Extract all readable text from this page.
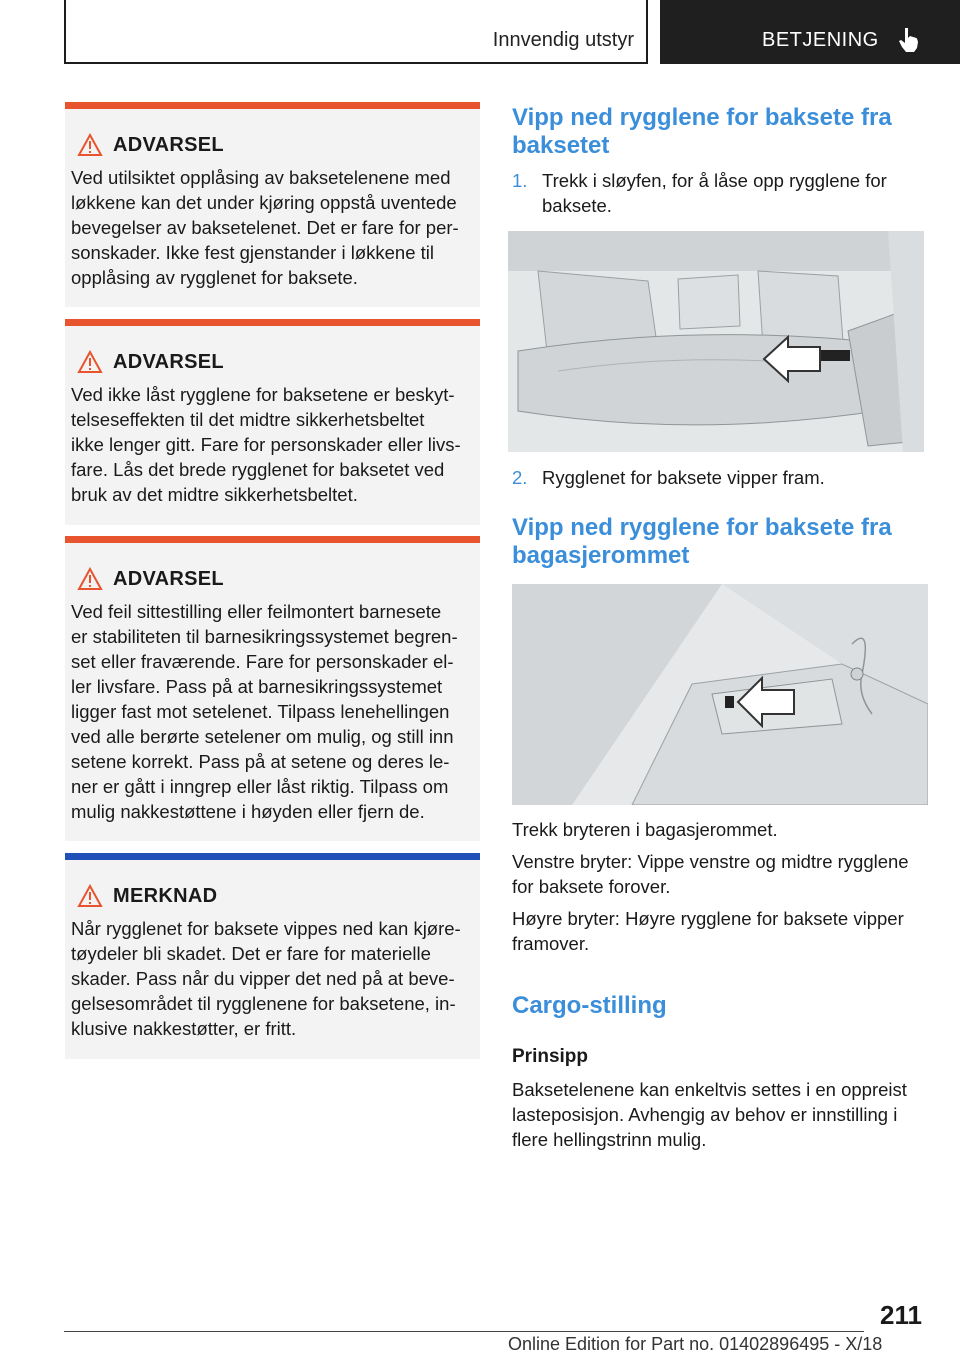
Innvendig utstyr	BETJENING
ADVARSEL
Ved utilsiktet opplåsing av baksetelenene med
løkkene kan det under kjøring oppstå uventede
bevegelser av baksetelenet. Det er fare for per-
sonskader. Ikke fest gjenstander i løkkene til
opplåsing av rygglenet for baksete.
ADVARSEL
Ved ikke låst rygglene for baksetene er beskyt-
telseseffekten til det midtre sikkerhetsbeltet
ikke lenger gitt. Fare for personskader eller livs-
fare. Lås det brede rygglenet for baksetet ved
bruk av det midtre sikkerhetsbeltet.
ADVARSEL
Ved feil sittestilling eller feilmontert barnesete
er stabiliteten til barnesikringssystemet begren-
set eller fraværende. Fare for personskader el-
ler livsfare. Pass på at barnesikringssystemet
ligger fast mot setelenet. Tilpass lenehellingen
ved alle berørte setelener om mulig, og still inn
setene korrekt. Pass på at setene og deres le-
ner er gått i inngrep eller låst riktig. Tilpass om
mulig nakkestøttene i høyden eller fjern de.
MERKNAD
Når rygglenet for baksete vippes ned kan kjøre-
tøydeler bli skadet. Det er fare for materielle
skader. Pass når du vipper det ned på at beve-
gelsesområdet til rygglenene for baksetene, in-
klusive nakkestøtter, er fritt.
Vipp ned rygglene for baksete fra
baksetet
1. Trekk i sløyfen, for å låse opp rygglene for
baksete.
2. Rygglenet for baksete vipper fram.
Vipp ned rygglene for baksete fra
bagasjerommet
Trekk bryteren i bagasjerommet.
Venstre bryter: Vippe venstre og midtre rygglene
for baksete forover.
Høyre bryter: Høyre rygglene for baksete vipper
framover.
Cargo-stilling
Prinsipp
Baksetelenene kan enkeltvis settes i en oppreist
lasteposisjon. Avhengig av behov er innstilling i
flere hellingstrinn mulig.
211
Online Edition for Part no. 01402896495 - X/18
